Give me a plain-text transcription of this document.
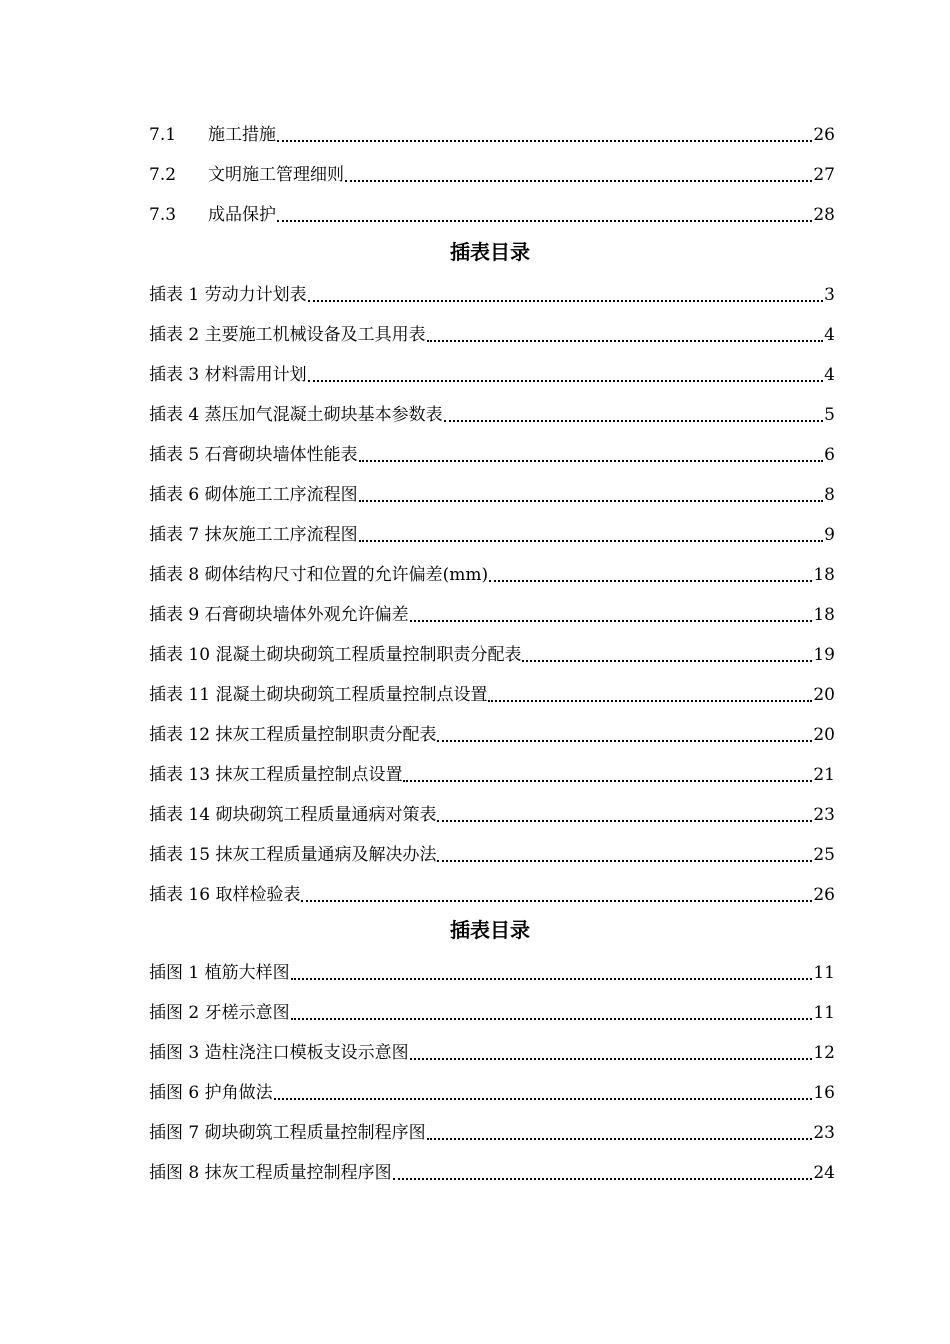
7.1	施工措施	26
7.2	文明施工管理细则	27
7.3	成品保护	28
插表目录
插表 1 劳动力计划表	3
插表 2 主要施工机械设备及工具用表	4
插表 3 材料需用计划	4
插表 4 蒸压加气混凝土砌块基本参数表	5
插表 5 石膏砌块墙体性能表	6
插表 6 砌体施工工序流程图	8
插表 7 抹灰施工工序流程图	9
插表 8 砌体结构尺寸和位置的允许偏差(mm)	18
插表 9 石膏砌块墙体外观允许偏差	18
插表 10 混凝土砌块砌筑工程质量控制职责分配表	19
插表 11 混凝土砌块砌筑工程质量控制点设置	20
插表 12 抹灰工程质量控制职责分配表	20
插表 13 抹灰工程质量控制点设置	21
插表 14 砌块砌筑工程质量通病对策表	23
插表 15 抹灰工程质量通病及解决办法	25
插表 16 取样检验表	26
插表目录
插图 1 植筋大样图	11
插图 2 牙槎示意图	11
插图 3 造柱浇注口模板支设示意图	12
插图 6 护角做法	16
插图 7 砌块砌筑工程质量控制程序图	23
插图 8 抹灰工程质量控制程序图	24
